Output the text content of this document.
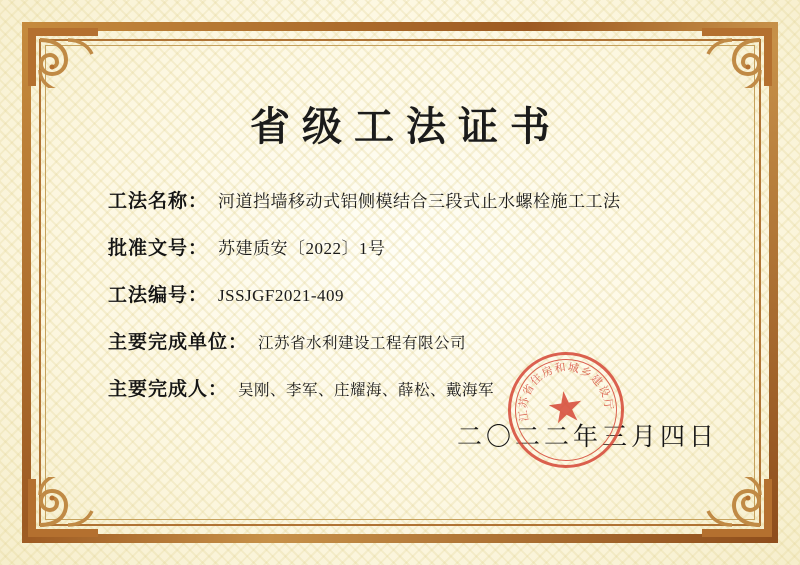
省级工法证书
工法名称： 河道挡墙移动式铝侧模结合三段式止水螺栓施工工法
批准文号： 苏建质安〔2022〕1号
工法编号： JSSJGF2021-409
主要完成单位： 江苏省水利建设工程有限公司
主要完成人： 吴刚、李军、庄耀海、薛松、戴海军
二〇二二年三月四日
江
苏
省
住
房
和 城
乡
建
设
厅
